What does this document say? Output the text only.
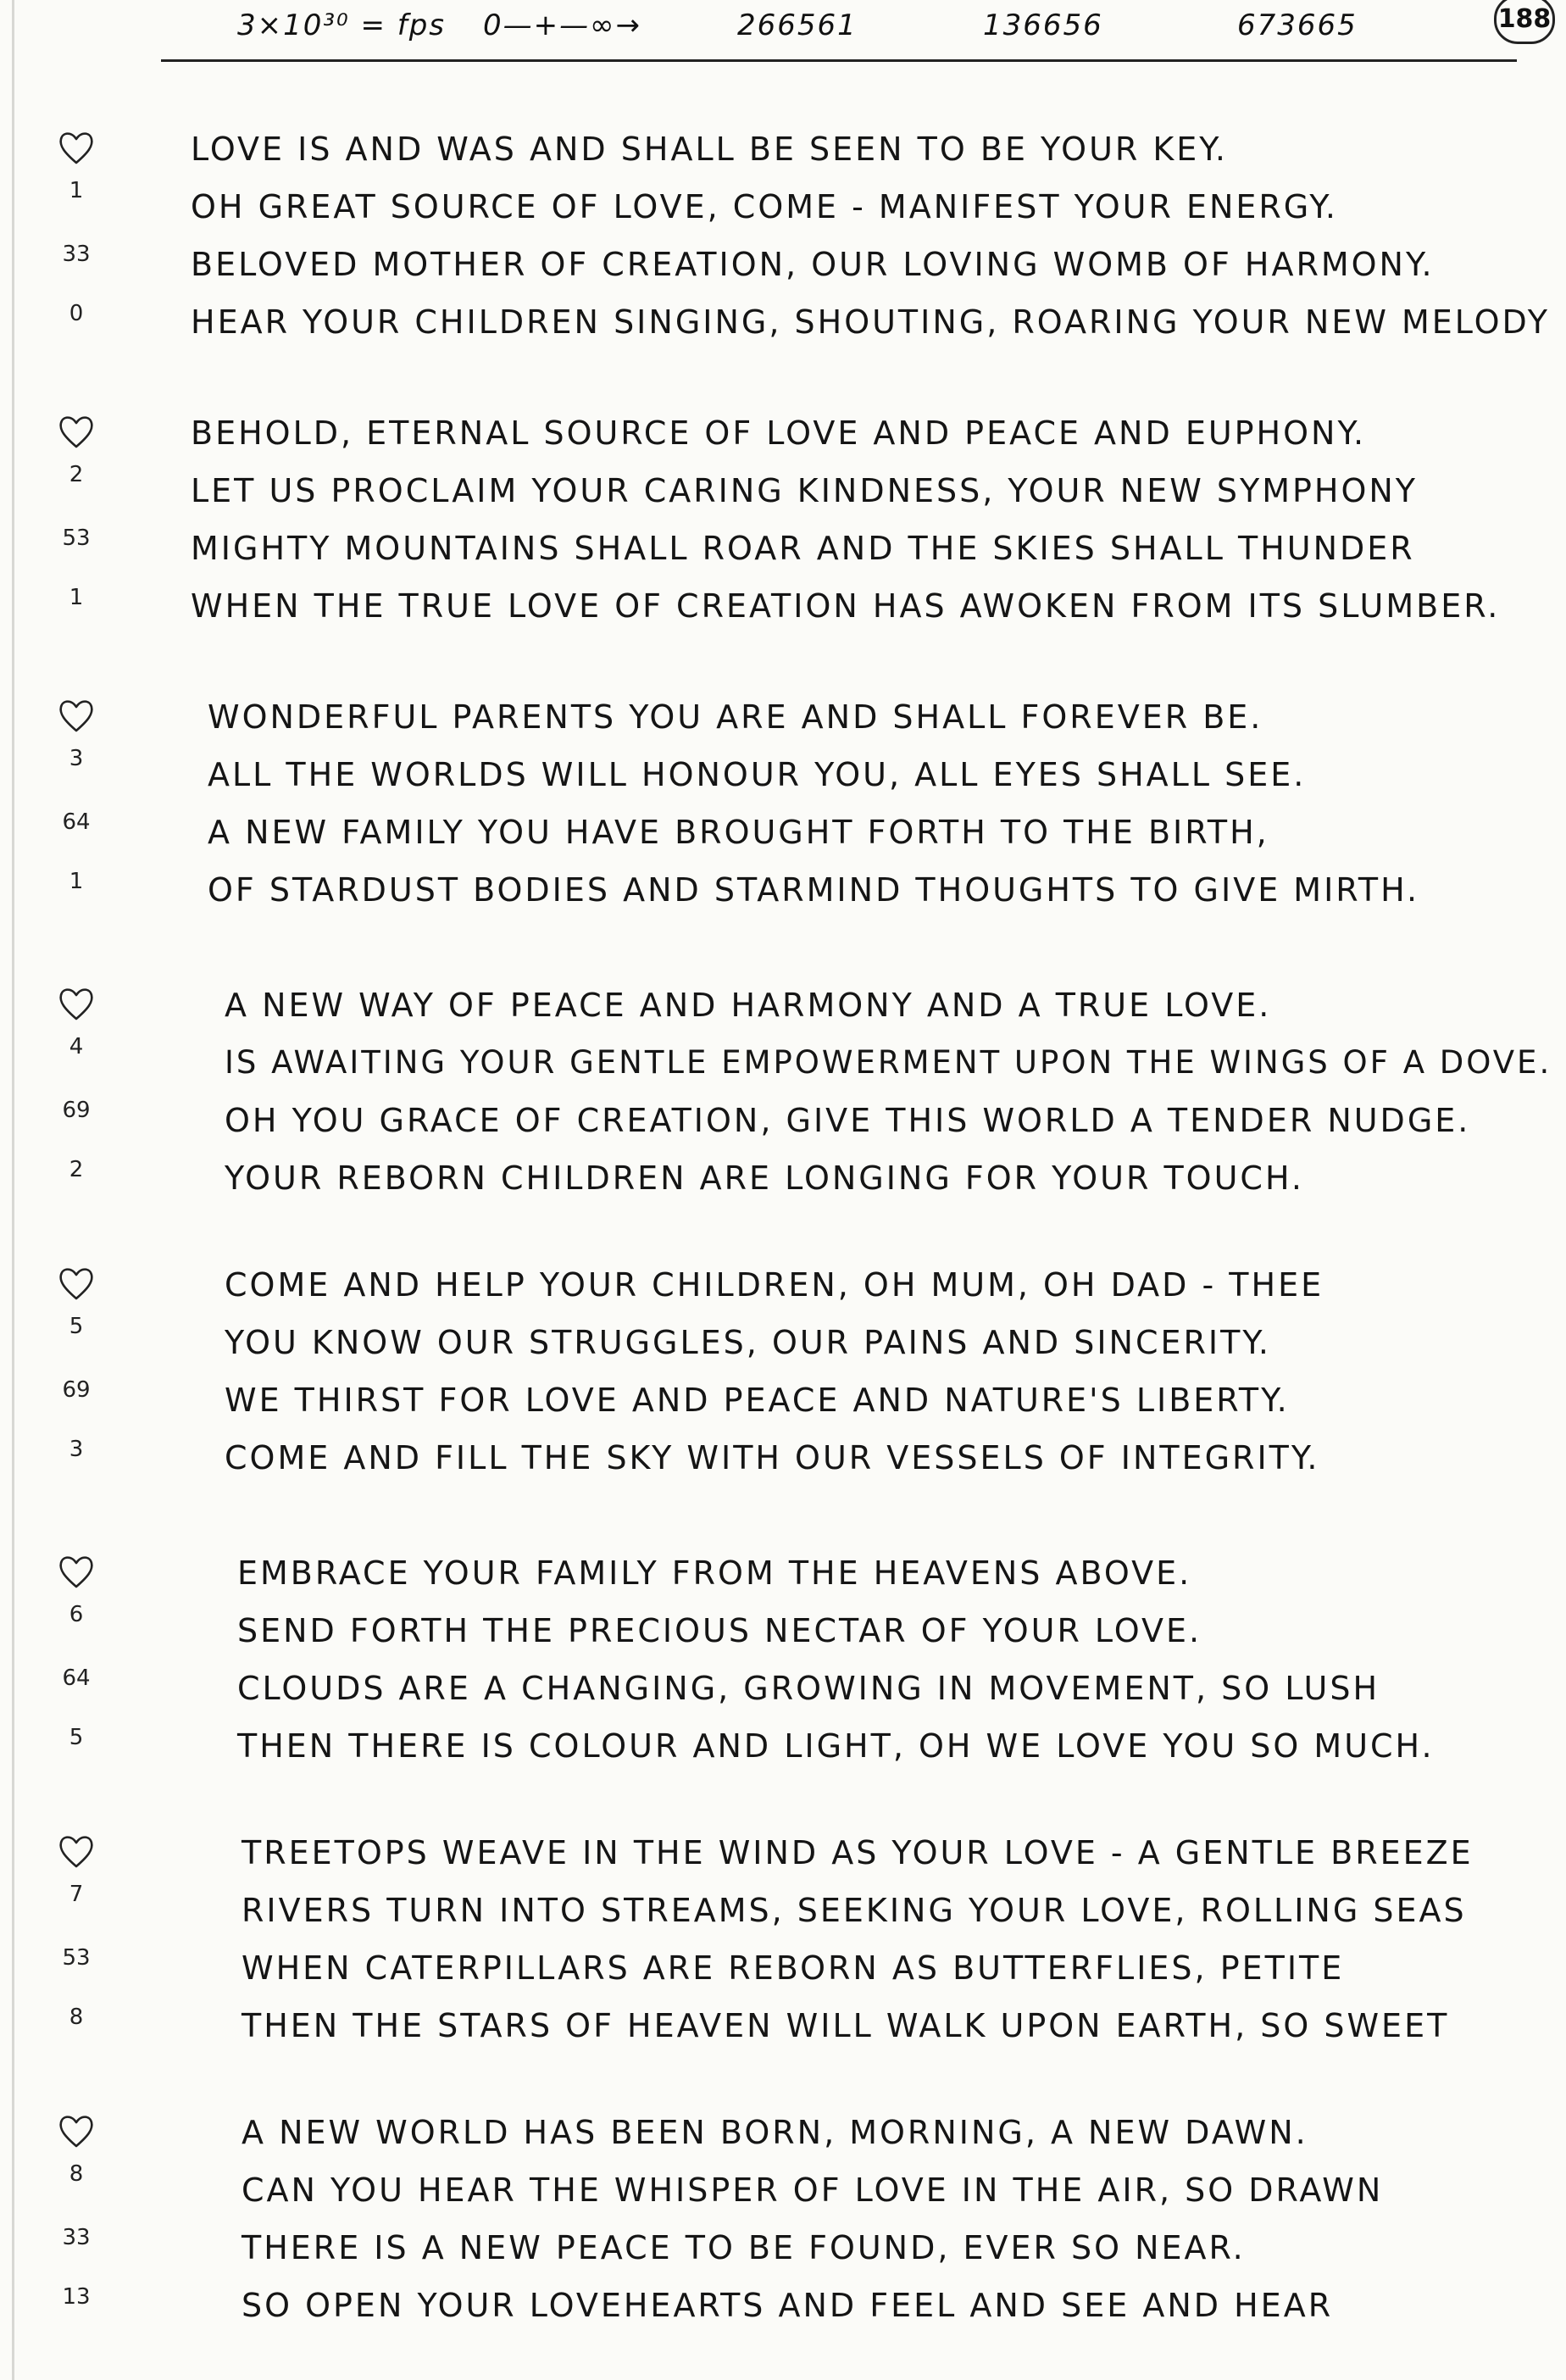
3×10³⁰ = fps 0—+—∞→	266561	136656	673665	188
1
33
0
LOVE IS AND WAS AND SHALL BE SEEN TO BE YOUR KEY.
OH GREAT SOURCE OF LOVE, COME - MANIFEST YOUR ENERGY.
BELOVED MOTHER OF CREATION, OUR LOVING WOMB OF HARMONY.
HEAR YOUR CHILDREN SINGING, SHOUTING, ROARING YOUR NEW MELODY
2
53
1
BEHOLD, ETERNAL SOURCE OF LOVE AND PEACE AND EUPHONY.
LET US PROCLAIM YOUR CARING KINDNESS, YOUR NEW SYMPHONY
MIGHTY MOUNTAINS SHALL ROAR AND THE SKIES SHALL THUNDER
WHEN THE TRUE LOVE OF CREATION HAS AWOKEN FROM ITS SLUMBER.
3
64
1
WONDERFUL PARENTS YOU ARE AND SHALL FOREVER BE.
ALL THE WORLDS WILL HONOUR YOU, ALL EYES SHALL SEE.
A NEW FAMILY YOU HAVE BROUGHT FORTH TO THE BIRTH,
OF STARDUST BODIES AND STARMIND THOUGHTS TO GIVE MIRTH.
4
69
2
A NEW WAY OF PEACE AND HARMONY AND A TRUE LOVE.
IS AWAITING YOUR GENTLE EMPOWERMENT UPON THE WINGS OF A DOVE.
OH YOU GRACE OF CREATION, GIVE THIS WORLD A TENDER NUDGE.
YOUR REBORN CHILDREN ARE LONGING FOR YOUR TOUCH.
5
69
3
COME AND HELP YOUR CHILDREN, OH MUM, OH DAD - THEE
YOU KNOW OUR STRUGGLES, OUR PAINS AND SINCERITY.
WE THIRST FOR LOVE AND PEACE AND NATURE'S LIBERTY.
COME AND FILL THE SKY WITH OUR VESSELS OF INTEGRITY.
6
64
5
EMBRACE YOUR FAMILY FROM THE HEAVENS ABOVE.
SEND FORTH THE PRECIOUS NECTAR OF YOUR LOVE.
CLOUDS ARE A CHANGING, GROWING IN MOVEMENT, SO LUSH
THEN THERE IS COLOUR AND LIGHT, OH WE LOVE YOU SO MUCH.
7
53
8
TREETOPS WEAVE IN THE WIND AS YOUR LOVE - A GENTLE BREEZE
RIVERS TURN INTO STREAMS, SEEKING YOUR LOVE, ROLLING SEAS
WHEN CATERPILLARS ARE REBORN AS BUTTERFLIES, PETITE
THEN THE STARS OF HEAVEN WILL WALK UPON EARTH, SO SWEET
8
33
13
A NEW WORLD HAS BEEN BORN, MORNING, A NEW DAWN.
CAN YOU HEAR THE WHISPER OF LOVE IN THE AIR, SO DRAWN
THERE IS A NEW PEACE TO BE FOUND, EVER SO NEAR.
SO OPEN YOUR LOVEHEARTS AND FEEL AND SEE AND HEAR
